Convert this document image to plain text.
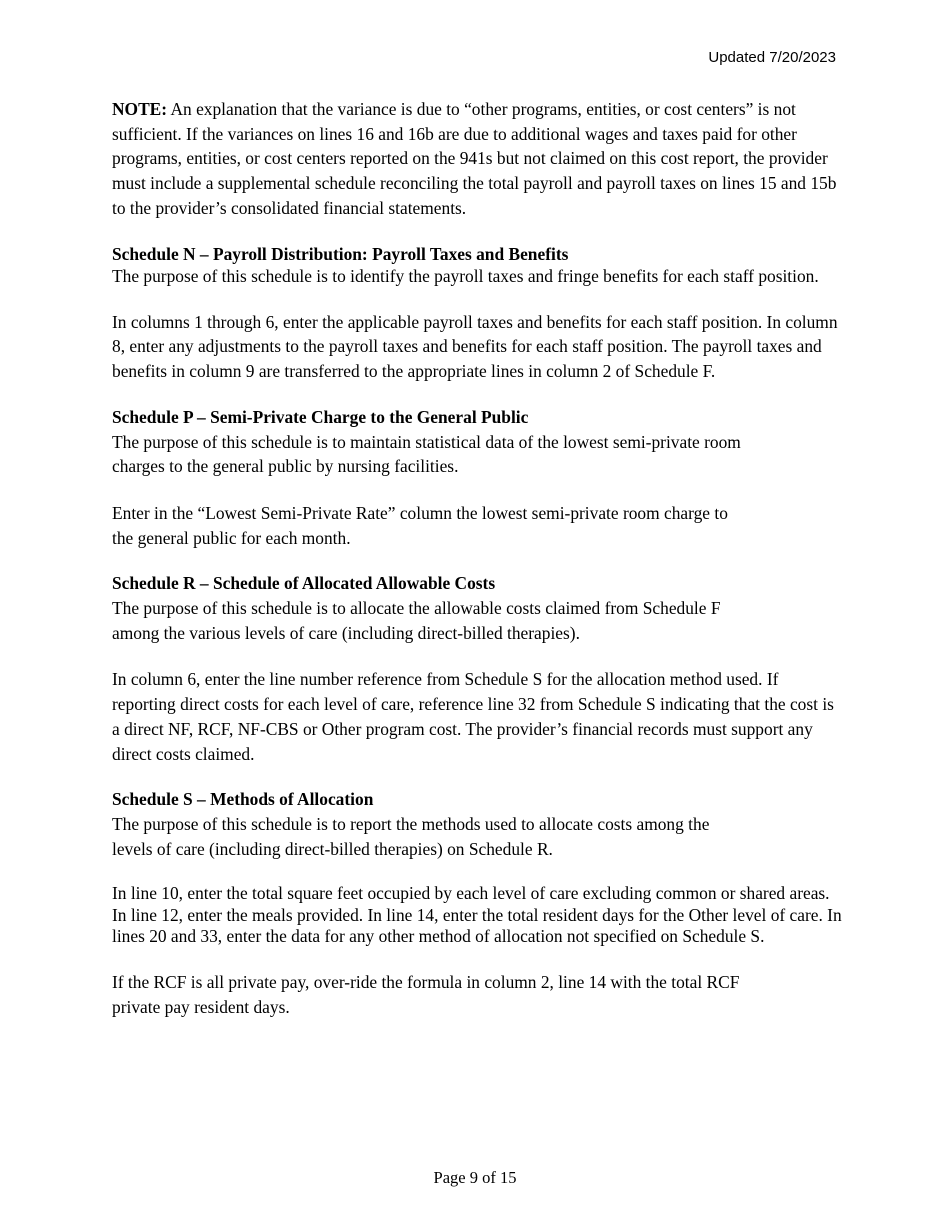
Updated 7/20/2023

NOTE: An explanation that the variance is due to “other programs, entities, or cost centers” is not sufficient. If the variances on lines 16 and 16b are due to additional wages and taxes paid for other programs, entities, or cost centers reported on the 941s but not claimed on this cost report, the provider must include a supplemental schedule reconciling the total payroll and payroll taxes on lines 15 and 15b to the provider’s consolidated financial statements.

Schedule N – Payroll Distribution: Payroll Taxes and Benefits

The purpose of this schedule is to identify the payroll taxes and fringe benefits for each staff position.

In columns 1 through 6, enter the applicable payroll taxes and benefits for each staff position. In column 8, enter any adjustments to the payroll taxes and benefits for each staff position. The payroll taxes and benefits in column 9 are transferred to the appropriate lines in column 2 of Schedule F.

Schedule P – Semi-Private Charge to the General Public

The purpose of this schedule is to maintain statistical data of the lowest semi-private room

charges to the general public by nursing facilities.

Enter in the “Lowest Semi-Private Rate” column the lowest semi-private room charge to

the general public for each month.

Schedule R – Schedule of Allocated Allowable Costs

The purpose of this schedule is to allocate the allowable costs claimed from Schedule F

among the various levels of care (including direct-billed therapies).

In column 6, enter the line number reference from Schedule S for the allocation method used. If reporting direct costs for each level of care, reference line 32 from Schedule S indicating that the cost is a direct NF, RCF, NF-CBS or Other program cost. The provider’s financial records must support any direct costs claimed.

Schedule S – Methods of Allocation

The purpose of this schedule is to report the methods used to allocate costs among the

levels of care (including direct-billed therapies) on Schedule R.

In line 10, enter the total square feet occupied by each level of care excluding common or shared areas. In line 12, enter the meals provided. In line 14, enter the total resident days for the Other level of care. In lines 20 and 33, enter the data for any other method of allocation not specified on Schedule S.

If the RCF is all private pay, over-ride the formula in column 2, line 14 with the total RCF

private pay resident days.

Page 9 of 15
